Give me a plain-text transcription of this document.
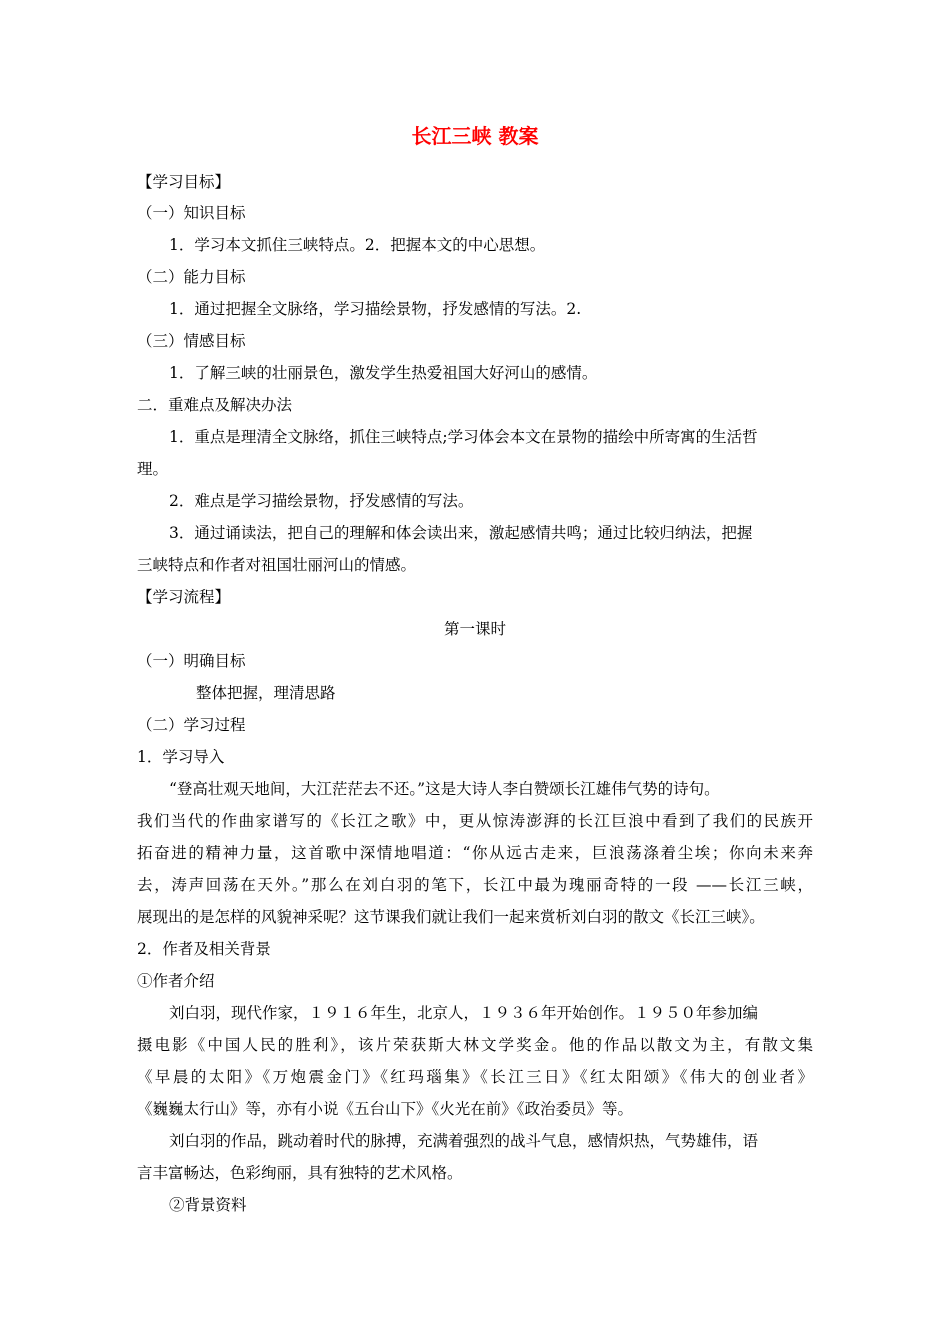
长江三峡 教案
【学习目标】
（一）知识目标
1．学习本文抓住三峡特点。2．把握本文的中心思想。
（二）能力目标
1．通过把握全文脉络，学习描绘景物，抒发感情的写法。2.
（三）情感目标
1．了解三峡的壮丽景色，激发学生热爱祖国大好河山的感情。
二．重难点及解决办法
1．重点是理清全文脉络，抓住三峡特点;学习体会本文在景物的描绘中所寄寓的生活哲
理。
2．难点是学习描绘景物，抒发感情的写法。
3．通过诵读法，把自己的理解和体会读出来，激起感情共鸣；通过比较归纳法，把握
三峡特点和作者对祖国壮丽河山的情感。
【学习流程】
第一课时
（一）明确目标
整体把握，理清思路
（二）学习过程
1．学习导入
“登高壮观天地间，大江茫茫去不还。”这是大诗人李白赞颂长江雄伟气势的诗句。
我们当代的作曲家谱写的《长江之歌》中，更从惊涛澎湃的长江巨浪中看到了我们的民族开
拓奋进的精神力量，这首歌中深情地唱道：“你从远古走来，巨浪荡涤着尘埃；你向未来奔
去，涛声回荡在天外。”那么在刘白羽的笔下，长江中最为瑰丽奇特的一段 ——长江三峡，
展现出的是怎样的风貌神采呢？这节课我们就让我们一起来赏析刘白羽的散文《长江三峡》。
2．作者及相关背景
①作者介绍
刘白羽，现代作家，１９１６年生，北京人，１９３６年开始创作。１９５０年参加编
摄电影《中国人民的胜利》，该片荣获斯大林文学奖金。他的作品以散文为主，有散文集
《早晨的太阳》《万炮震金门》《红玛瑙集》《长江三日》《红太阳颂》《伟大的创业者》
《巍巍太行山》等，亦有小说《五台山下》《火光在前》《政治委员》等。
刘白羽的作品，跳动着时代的脉搏，充满着强烈的战斗气息，感情炽热，气势雄伟，语
言丰富畅达，色彩绚丽，具有独特的艺术风格。
②背景资料
